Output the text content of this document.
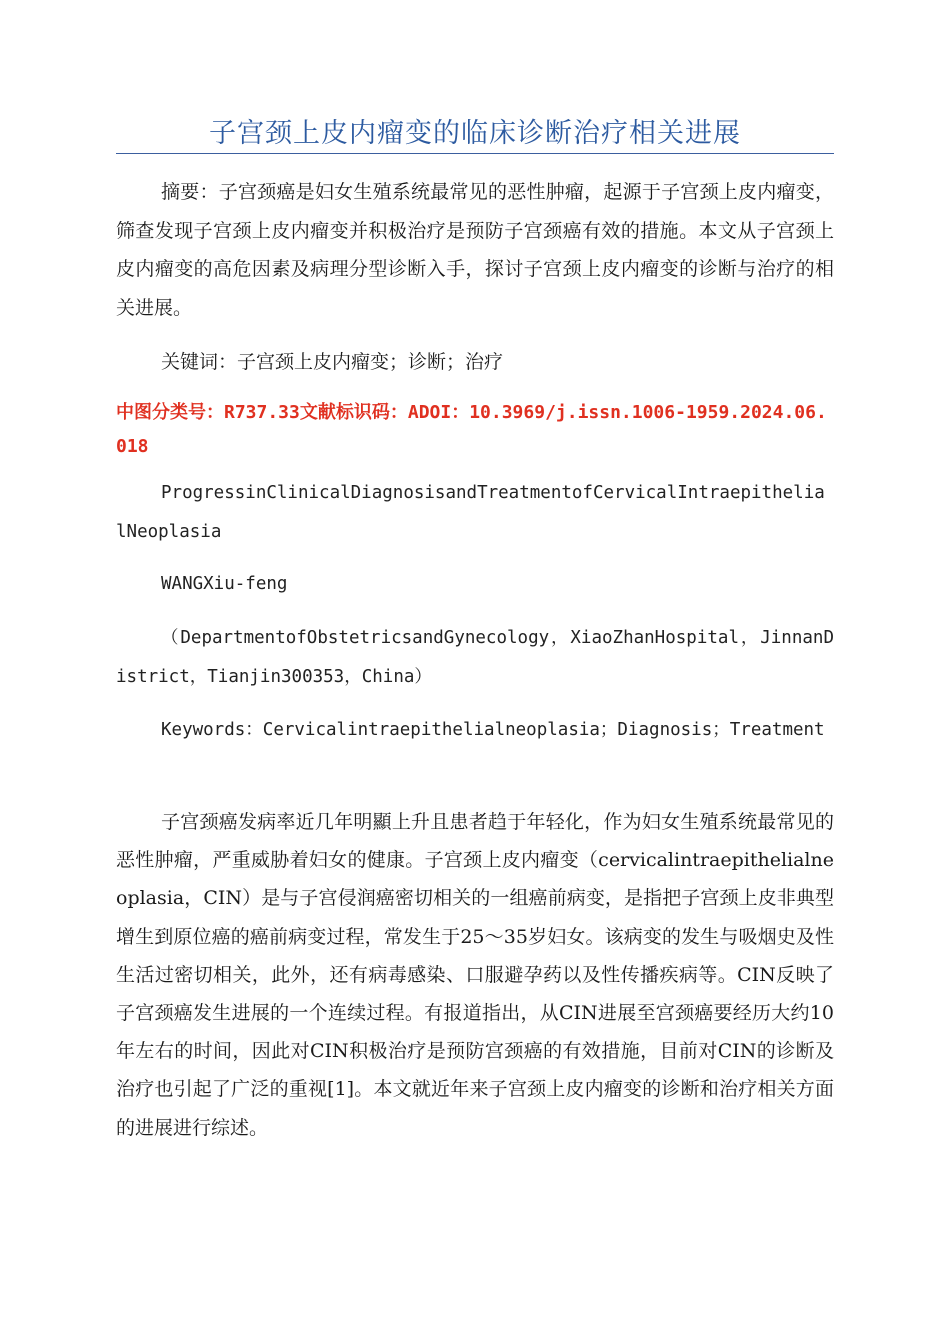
子宫颈上皮内瘤变的临床诊断治疗相关进展

摘要：子宫颈癌是妇女生殖系统最常见的恶性肿瘤，起源于子宫颈上皮内瘤变，筛查发现子宫颈上皮内瘤变并积极治疗是预防子宫颈癌有效的措施。本文从子宫颈上皮内瘤变的高危因素及病理分型诊断入手，探讨子宫颈上皮内瘤变的诊断与治疗的相关进展。

关键词：子宫颈上皮内瘤变；诊断；治疗

中图分类号：R737.33文献标识码：ADOI：10.3969/j.issn.1006-1959.2024.06.018

ProgressinClinicalDiagnosisandTreatmentofCervicalIntraepithelialNeoplasia

WANGXiu-feng

（DepartmentofObstetricsandGynecology，XiaoZhanHospital，JinnanDistrict，Tianjin300353，China）

Keywords：Cervicalintraepithelialneoplasia；Diagnosis；Treatment

子宫颈癌发病率近几年明顯上升且患者趋于年轻化，作为妇女生殖系统最常见的恶性肿瘤，严重威胁着妇女的健康。子宫颈上皮内瘤变（cervicalintraepithelialneoplasia，CIN）是与子宫侵润癌密切相关的一组癌前病变，是指把子宫颈上皮非典型增生到原位癌的癌前病变过程，常发生于25～35岁妇女。该病变的发生与吸烟史及性生活过密切相关，此外，还有病毒感染、口服避孕药以及性传播疾病等。CIN反映了子宫颈癌发生进展的一个连续过程。有报道指出，从CIN进展至宫颈癌要经历大约10年左右的时间，因此对CIN积极治疗是预防宫颈癌的有效措施，目前对CIN的诊断及治疗也引起了广泛的重视[1]。本文就近年来子宫颈上皮内瘤变的诊断和治疗相关方面的进展进行综述。
